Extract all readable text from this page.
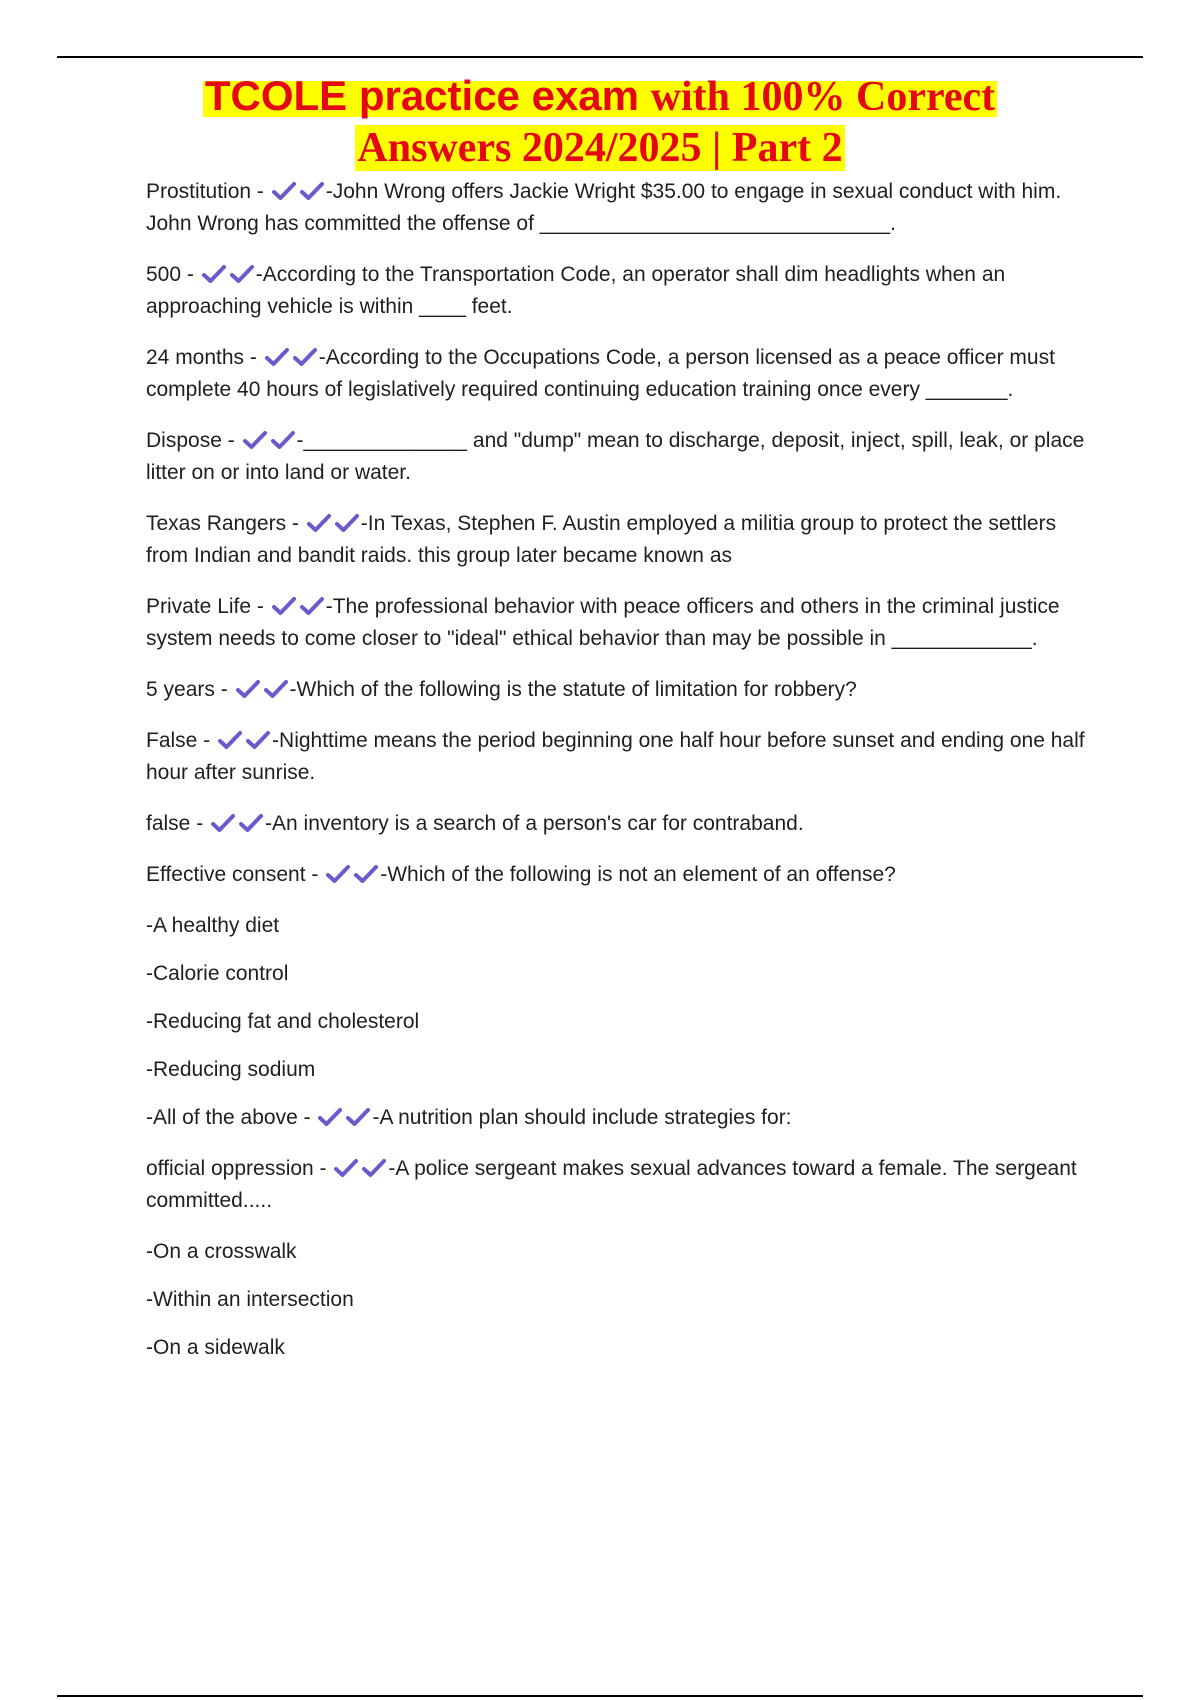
TCOLE practice exam with 100% Correct
Answers 2024/2025 | Part 2

Prostitution -	-John Wrong offers Jackie Wright $35.00 to engage in sexual conduct with him. John Wrong has committed the offense of ______________________________.

500 -	-According to the Transportation Code, an operator shall dim headlights when an approaching vehicle is within ____ feet.

24 months -	-According to the Occupations Code, a person licensed as a peace officer must complete 40 hours of legislatively required continuing education training once every _______.

Dispose -	-______________ and "dump" mean to discharge, deposit, inject, spill, leak, or place litter on or into land or water.

Texas Rangers -	-In Texas, Stephen F. Austin employed a militia group to protect the settlers from Indian and bandit raids. this group later became known as

Private Life -	-The professional behavior with peace officers and others in the criminal justice system needs to come closer to "ideal" ethical behavior than may be possible in ____________.

5 years -	-Which of the following is the statute of limitation for robbery?

False -	-Nighttime means the period beginning one half hour before sunset and ending one half hour after sunrise.

false -	-An inventory is a search of a person's car for contraband.

Effective consent -	-Which of the following is not an element of an offense?

-A healthy diet

-Calorie control

-Reducing fat and cholesterol

-Reducing sodium

-All of the above -	-A nutrition plan should include strategies for:

official oppression -	-A police sergeant makes sexual advances toward a female. The sergeant committed.....

-On a crosswalk

-Within an intersection

-On a sidewalk
